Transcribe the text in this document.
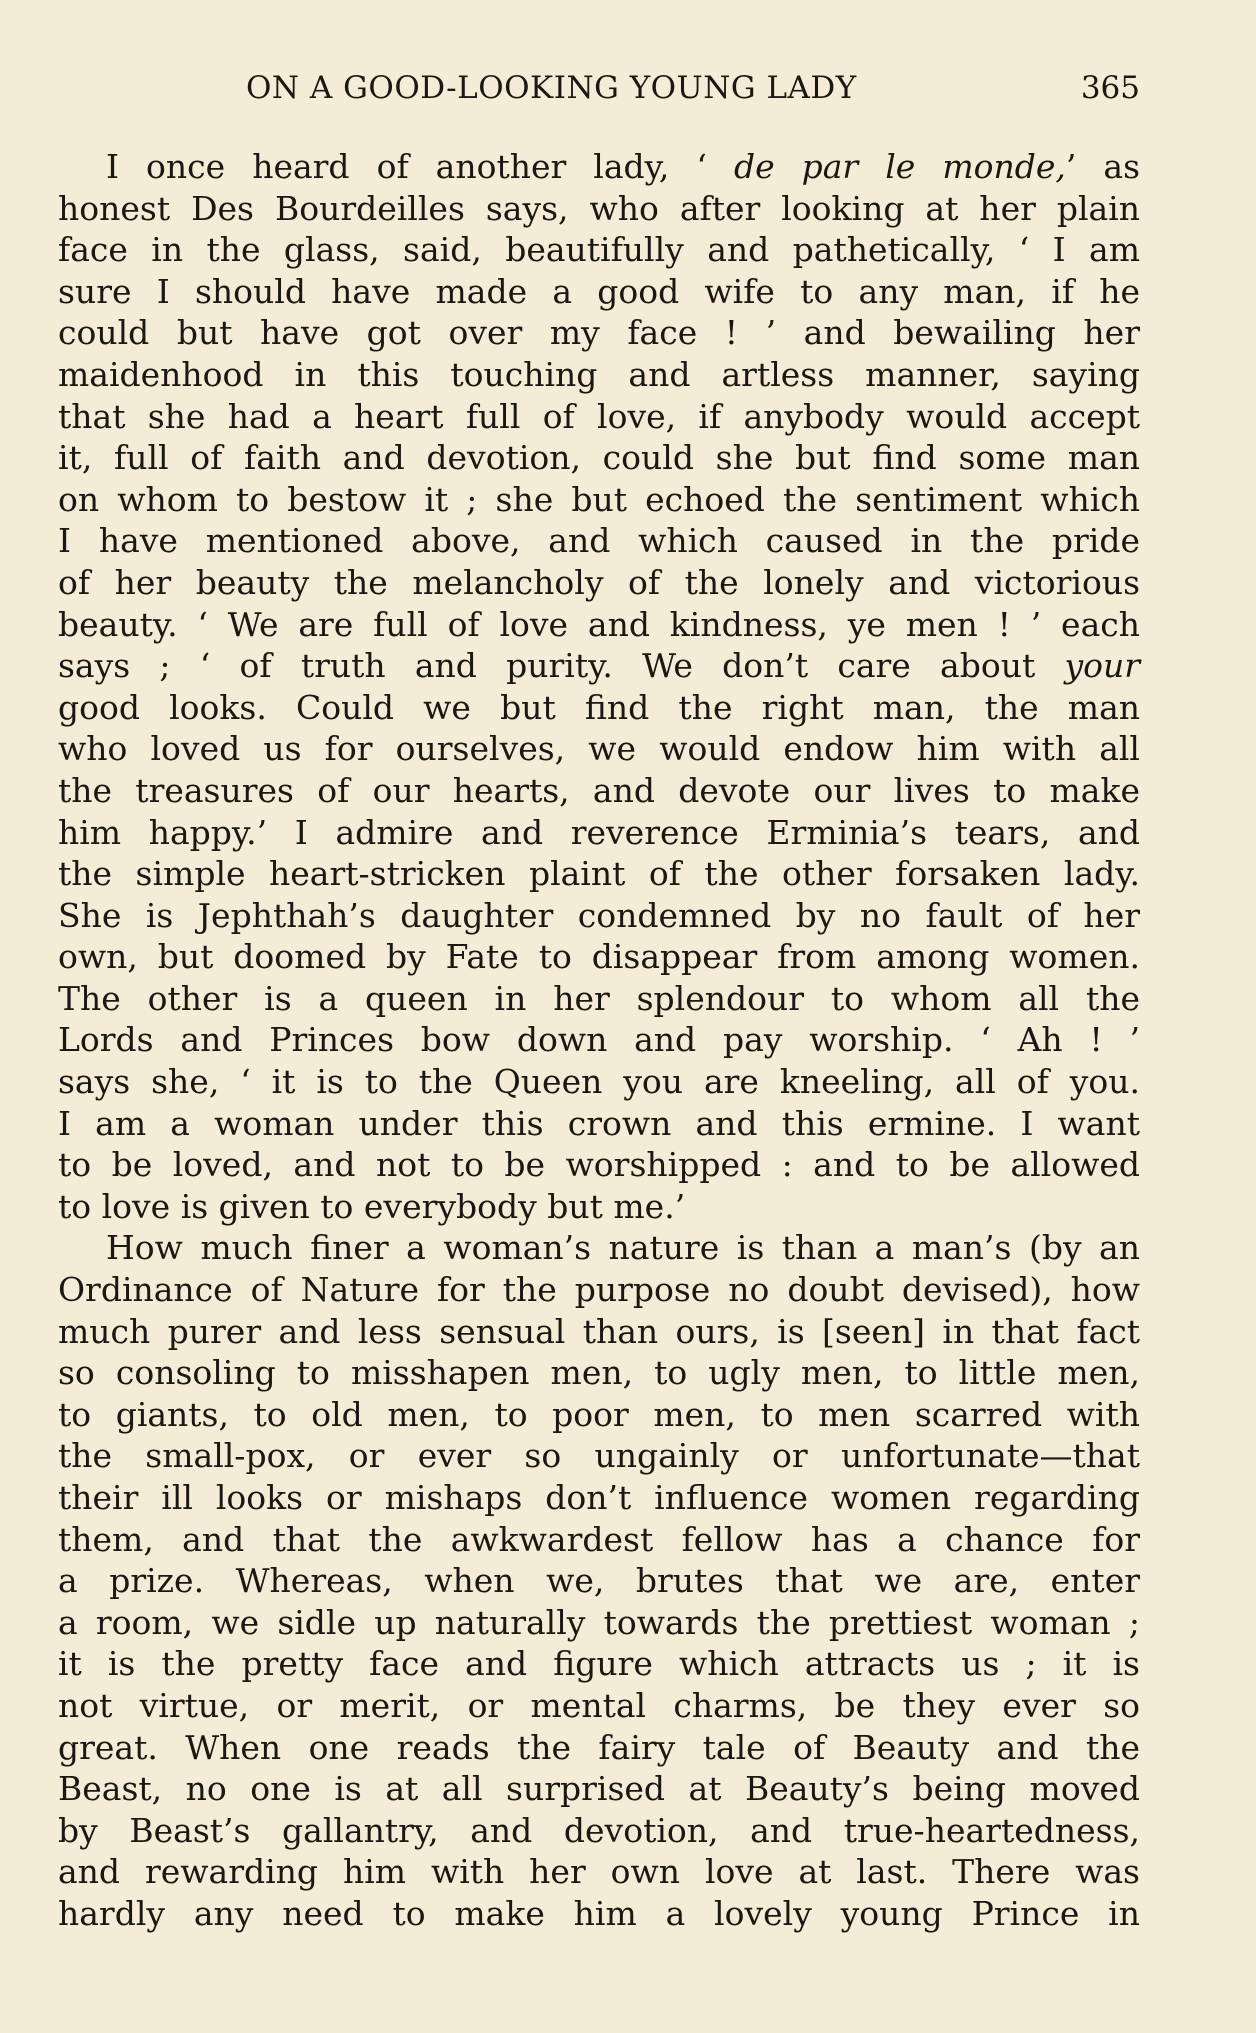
ON A GOOD-LOOKING YOUNG LADY	365
I once heard of another lady, ‘ de par le monde,’ as
honest Des Bourdeilles says, who after looking at her plain
face in the glass, said, beautifully and pathetically, ‘ I am
sure I should have made a good wife to any man, if he
could but have got over my face ! ’ and bewailing her
maidenhood in this touching and artless manner, saying
that she had a heart full of love, if anybody would accept
it, full of faith and devotion, could she but find some man
on whom to bestow it ; she but echoed the sentiment which
I have mentioned above, and which caused in the pride
of her beauty the melancholy of the lonely and victorious
beauty. ‘ We are full of love and kindness, ye men ! ’ each
says ; ‘ of truth and purity. We don’t care about your
good looks. Could we but find the right man, the man
who loved us for ourselves, we would endow him with all
the treasures of our hearts, and devote our lives to make
him happy.’ I admire and reverence Erminia’s tears, and
the simple heart-stricken plaint of the other forsaken lady.
She is Jephthah’s daughter condemned by no fault of her
own, but doomed by Fate to disappear from among women.
The other is a queen in her splendour to whom all the
Lords and Princes bow down and pay worship. ‘ Ah ! ’
says she, ‘ it is to the Queen you are kneeling, all of you.
I am a woman under this crown and this ermine. I want
to be loved, and not to be worshipped : and to be allowed
to love is given to everybody but me.’
How much finer a woman’s nature is than a man’s (by an
Ordinance of Nature for the purpose no doubt devised), how
much purer and less sensual than ours, is [seen] in that fact
so consoling to misshapen men, to ugly men, to little men,
to giants, to old men, to poor men, to men scarred with
the small-pox, or ever so ungainly or unfortunate—that
their ill looks or mishaps don’t influence women regarding
them, and that the awkwardest fellow has a chance for
a prize. Whereas, when we, brutes that we are, enter
a room, we sidle up naturally towards the prettiest woman ;
it is the pretty face and figure which attracts us ; it is
not virtue, or merit, or mental charms, be they ever so
great. When one reads the fairy tale of Beauty and the
Beast, no one is at all surprised at Beauty’s being moved
by Beast’s gallantry, and devotion, and true-heartedness,
and rewarding him with her own love at last. There was
hardly any need to make him a lovely young Prince in
